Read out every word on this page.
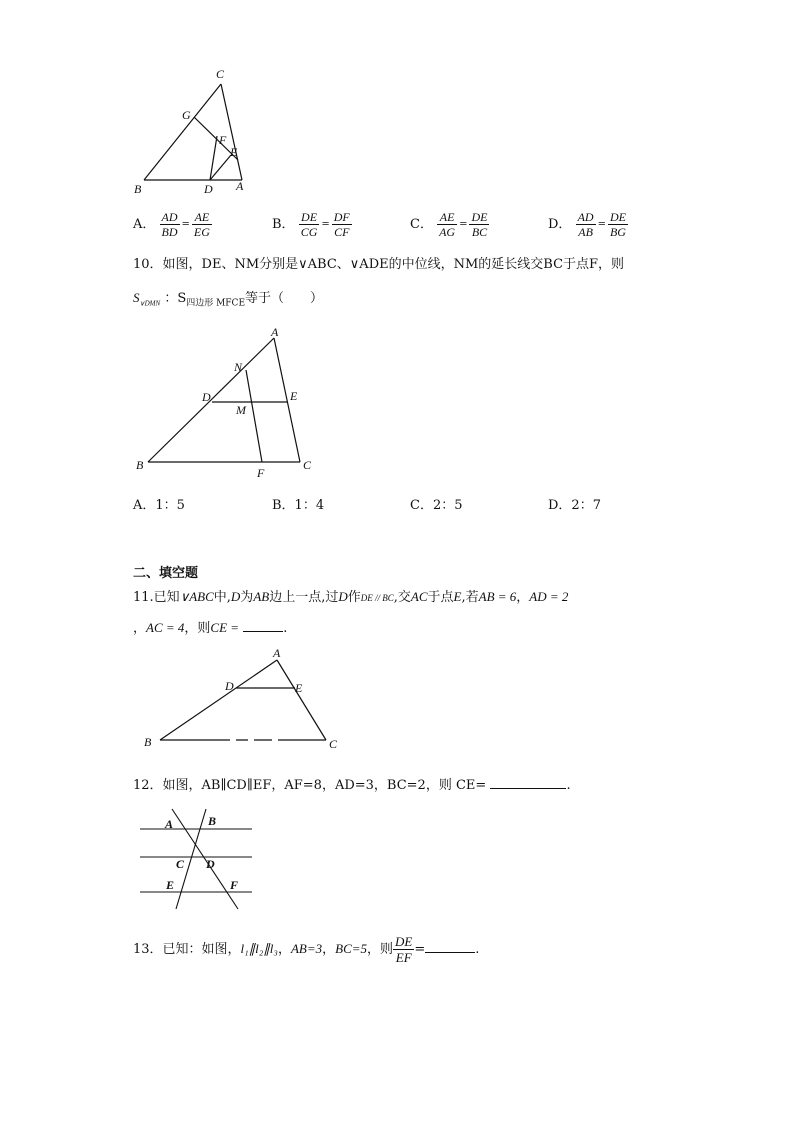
C
G
F
E
B	D A
A． $\frac{AD}{BD} = \frac{AE}{EG}$	B． $\frac{DE}{CG} = \frac{DF}{CF}$	C． $\frac{AE}{AG} = \frac{DE}{BC}$	D． $\frac{AD}{AB} = \frac{DE}{BG}$
10．如图，DE、NM分别是∨ABC、∨ADE的中位线，NM的延长线交BC于点F，则
$S_{\vee DMN}$ ：$S_{四边形 MFCE}$等于（　　）
A
N
D	E
M
B
F
C
A．1：5	B．1：4	C．2：5	D．2：7
二、填空题
11.已知∨ABC中,D为AB边上一点,过D作DE // BC,交AC于点E,若AB = 6，AD = 2
，AC = 4，则CE =	.
A
D	E
B	C
12．如图，AB∥CD∥EF，AF=8，AD=3，BC=2，则 CE=	.
A	B
C D
E	F
13．已知：如图，l₁∥l₂∥l₃，AB=3，BC=5，则 $\frac{DE}{EF}$ =	.
